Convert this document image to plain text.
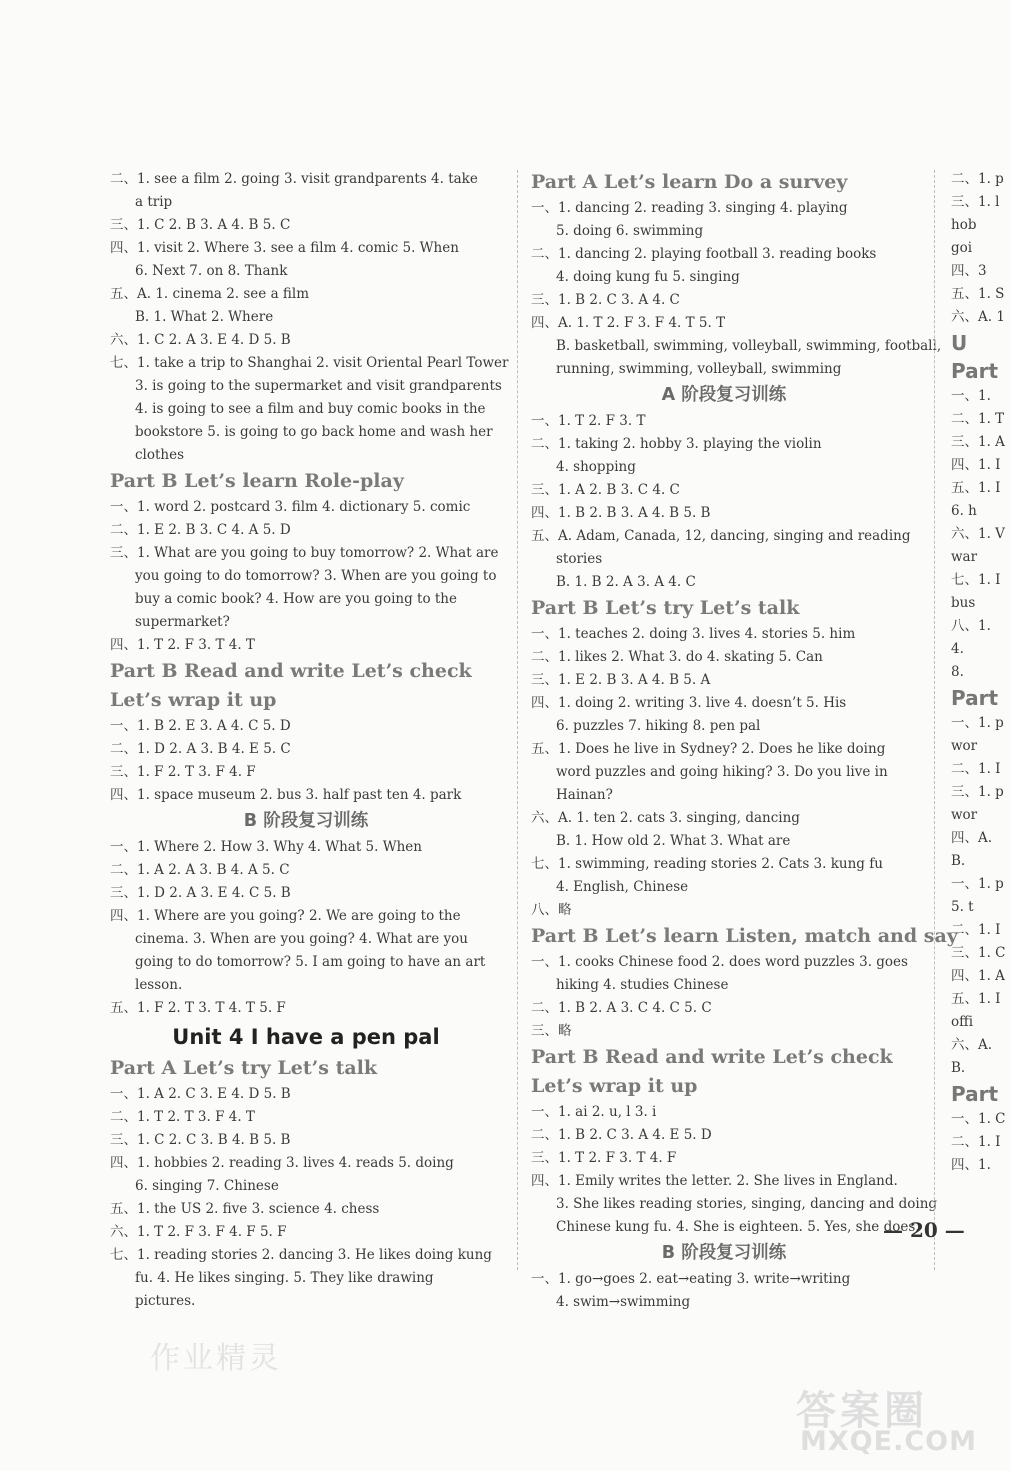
二、1. see a film 2. going 3. visit grandparents 4. take
a trip
三、1. C 2. B 3. A 4. B 5. C
四、1. visit 2. Where 3. see a film 4. comic 5. When
6. Next 7. on 8. Thank
五、A. 1. cinema 2. see a film
B. 1. What 2. Where
六、1. C 2. A 3. E 4. D 5. B
七、1. take a trip to Shanghai 2. visit Oriental Pearl Tower
3. is going to the supermarket and visit grandparents
4. is going to see a film and buy comic books in the
bookstore 5. is going to go back home and wash her
clothes
Part B Let’s learn Role-play
一、1. word 2. postcard 3. film 4. dictionary 5. comic
二、1. E 2. B 3. C 4. A 5. D
三、1. What are you going to buy tomorrow? 2. What are
you going to do tomorrow? 3. When are you going to
buy a comic book? 4. How are you going to the
supermarket?
四、1. T 2. F 3. T 4. T
Part B Read and write Let’s check
Let’s wrap it up
一、1. B 2. E 3. A 4. C 5. D
二、1. D 2. A 3. B 4. E 5. C
三、1. F 2. T 3. F 4. F
四、1. space museum 2. bus 3. half past ten 4. park
B 阶段复习训练
一、1. Where 2. How 3. Why 4. What 5. When
二、1. A 2. A 3. B 4. A 5. C
三、1. D 2. A 3. E 4. C 5. B
四、1. Where are you going? 2. We are going to the
cinema. 3. When are you going? 4. What are you
going to do tomorrow? 5. I am going to have an art
lesson.
五、1. F 2. T 3. T 4. T 5. F
Unit 4 I have a pen pal
Part A Let’s try Let’s talk
一、1. A 2. C 3. E 4. D 5. B
二、1. T 2. T 3. F 4. T
三、1. C 2. C 3. B 4. B 5. B
四、1. hobbies 2. reading 3. lives 4. reads 5. doing
6. singing 7. Chinese
五、1. the US 2. five 3. science 4. chess
六、1. T 2. F 3. F 4. F 5. F
七、1. reading stories 2. dancing 3. He likes doing kung
fu. 4. He likes singing. 5. They like drawing
pictures.
Part A Let’s learn Do a survey
一、1. dancing 2. reading 3. singing 4. playing
5. doing 6. swimming
二、1. dancing 2. playing football 3. reading books
4. doing kung fu 5. singing
三、1. B 2. C 3. A 4. C
四、A. 1. T 2. F 3. F 4. T 5. T
B. basketball, swimming, volleyball, swimming, football,
running, swimming, volleyball, swimming
A 阶段复习训练
一、1. T 2. F 3. T
二、1. taking 2. hobby 3. playing the violin
4. shopping
三、1. A 2. B 3. C 4. C
四、1. B 2. B 3. A 4. B 5. B
五、A. Adam, Canada, 12, dancing, singing and reading
stories
B. 1. B 2. A 3. A 4. C
Part B Let’s try Let’s talk
一、1. teaches 2. doing 3. lives 4. stories 5. him
二、1. likes 2. What 3. do 4. skating 5. Can
三、1. E 2. B 3. A 4. B 5. A
四、1. doing 2. writing 3. live 4. doesn’t 5. His
6. puzzles 7. hiking 8. pen pal
五、1. Does he live in Sydney? 2. Does he like doing
word puzzles and going hiking? 3. Do you live in
Hainan?
六、A. 1. ten 2. cats 3. singing, dancing
B. 1. How old 2. What 3. What are
七、1. swimming, reading stories 2. Cats 3. kung fu
4. English, Chinese
八、略
Part B Let’s learn Listen, match and say
一、1. cooks Chinese food 2. does word puzzles 3. goes
hiking 4. studies Chinese
二、1. B 2. A 3. C 4. C 5. C
三、略
Part B Read and write Let’s check
Let’s wrap it up
一、1. ai 2. u, l 3. i
二、1. B 2. C 3. A 4. E 5. D
三、1. T 2. F 3. T 4. F
四、1. Emily writes the letter. 2. She lives in England.
3. She likes reading stories, singing, dancing and doing
Chinese kung fu. 4. She is eighteen. 5. Yes, she does.
B 阶段复习训练
一、1. go→goes 2. eat→eating 3. write→writing
4. swim→swimming
二、1. p
三、1. l
hob
goi
四、3
五、1. S
六、A. 1
U
Part
一、1.
二、1. T
三、1. A
四、1. I
五、1. I
6. h
六、1. V
war
七、1. I
bus
八、1.
4.
8.
Part
一、1. p
wor
二、1. I
三、1. p
wor
四、A.
B.
一、1. p
5. t
二、1. I
三、1. C
四、1. A
五、1. I
offi
六、A.
B.
Part
一、1. C
二、1. I
四、1.
— 20 —
作业精灵
答案圈
MXQE.COM
